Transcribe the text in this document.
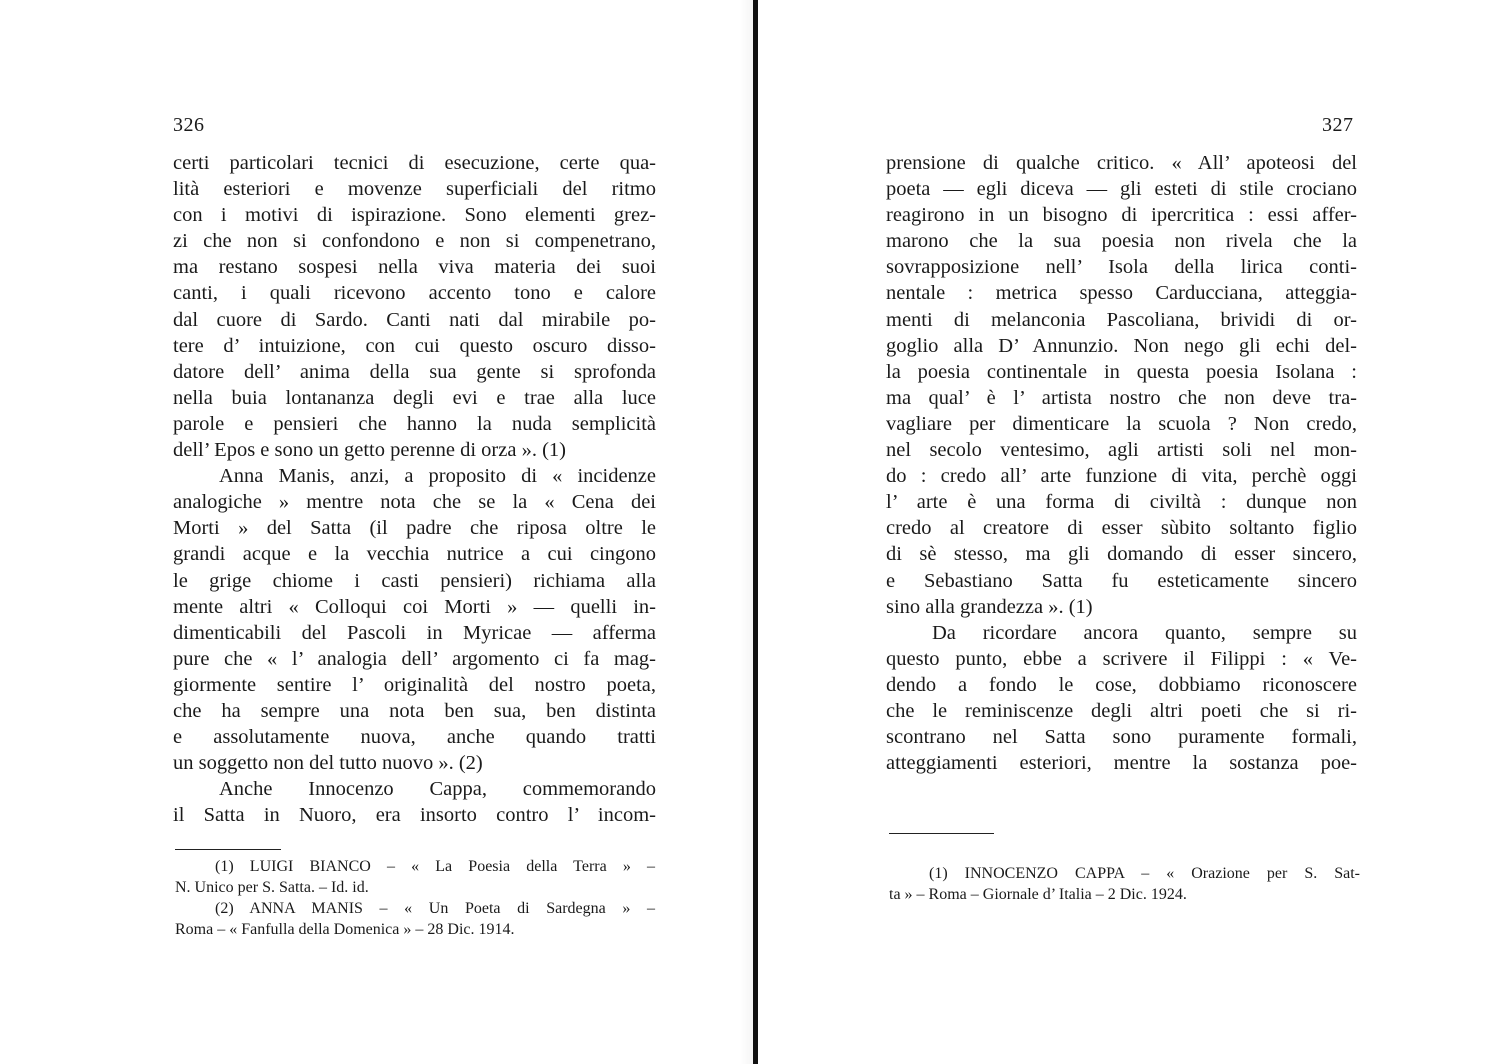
326
certi particolari tecnici di esecuzione, certe qua-
lità esteriori e movenze superficiali del ritmo
con i motivi di ispirazione. Sono elementi grez-
zi che non si confondono e non si compenetrano,
ma restano sospesi nella viva materia dei suoi
canti, i quali ricevono accento tono e calore
dal cuore di Sardo. Canti nati dal mirabile po-
tere d’ intuizione, con cui questo oscuro disso-
datore dell’ anima della sua gente si sprofonda
nella buia lontananza degli evi e trae alla luce
parole e pensieri che hanno la nuda semplicità
dell’ Epos e sono un getto perenne di orza ». (1)
Anna Manis, anzi, a proposito di « incidenze
analogiche » mentre nota che se la « Cena dei
Morti » del Satta (il padre che riposa oltre le
grandi acque e la vecchia nutrice a cui cingono
le grige chiome i casti pensieri) richiama alla
mente altri « Colloqui coi Morti » — quelli in-
dimenticabili del Pascoli in Myricae — afferma
pure che « l’ analogia dell’ argomento ci fa mag-
giormente sentire l’ originalità del nostro poeta,
che ha sempre una nota ben sua, ben distinta
e assolutamente nuova, anche quando tratti
un soggetto non del tutto nuovo ». (2)
Anche Innocenzo Cappa, commemorando
il Satta in Nuoro, era insorto contro l’ incom-
(1) LUIGI BIANCO – « La Poesia della Terra » –
N. Unico per S. Satta. – Id. id.
(2) ANNA MANIS – « Un Poeta di Sardegna » –
Roma – « Fanfulla della Domenica » – 28 Dic. 1914.
327
prensione di qualche critico. « All’ apoteosi del
poeta — egli diceva — gli esteti di stile crociano
reagirono in un bisogno di ipercritica : essi affer-
marono che la sua poesia non rivela che la
sovrapposizione nell’ Isola della lirica conti-
nentale : metrica spesso Carducciana, atteggia-
menti di melanconia Pascoliana, brividi di or-
goglio alla D’ Annunzio. Non nego gli echi del-
la poesia continentale in questa poesia Isolana :
ma qual’ è l’ artista nostro che non deve tra-
vagliare per dimenticare la scuola ? Non credo,
nel secolo ventesimo, agli artisti soli nel mon-
do : credo all’ arte funzione di vita, perchè oggi
l’ arte è una forma di civiltà : dunque non
credo al creatore di esser sùbito soltanto figlio
di sè stesso, ma gli domando di esser sincero,
e Sebastiano Satta fu esteticamente sincero
sino alla grandezza ». (1)
Da ricordare ancora quanto, sempre su
questo punto, ebbe a scrivere il Filippi : « Ve-
dendo a fondo le cose, dobbiamo riconoscere
che le reminiscenze degli altri poeti che si ri-
scontrano nel Satta sono puramente formali,
atteggiamenti esteriori, mentre la sostanza poe-
(1) INNOCENZO CAPPA – « Orazione per S. Sat-
ta » – Roma – Giornale d’ Italia – 2 Dic. 1924.
